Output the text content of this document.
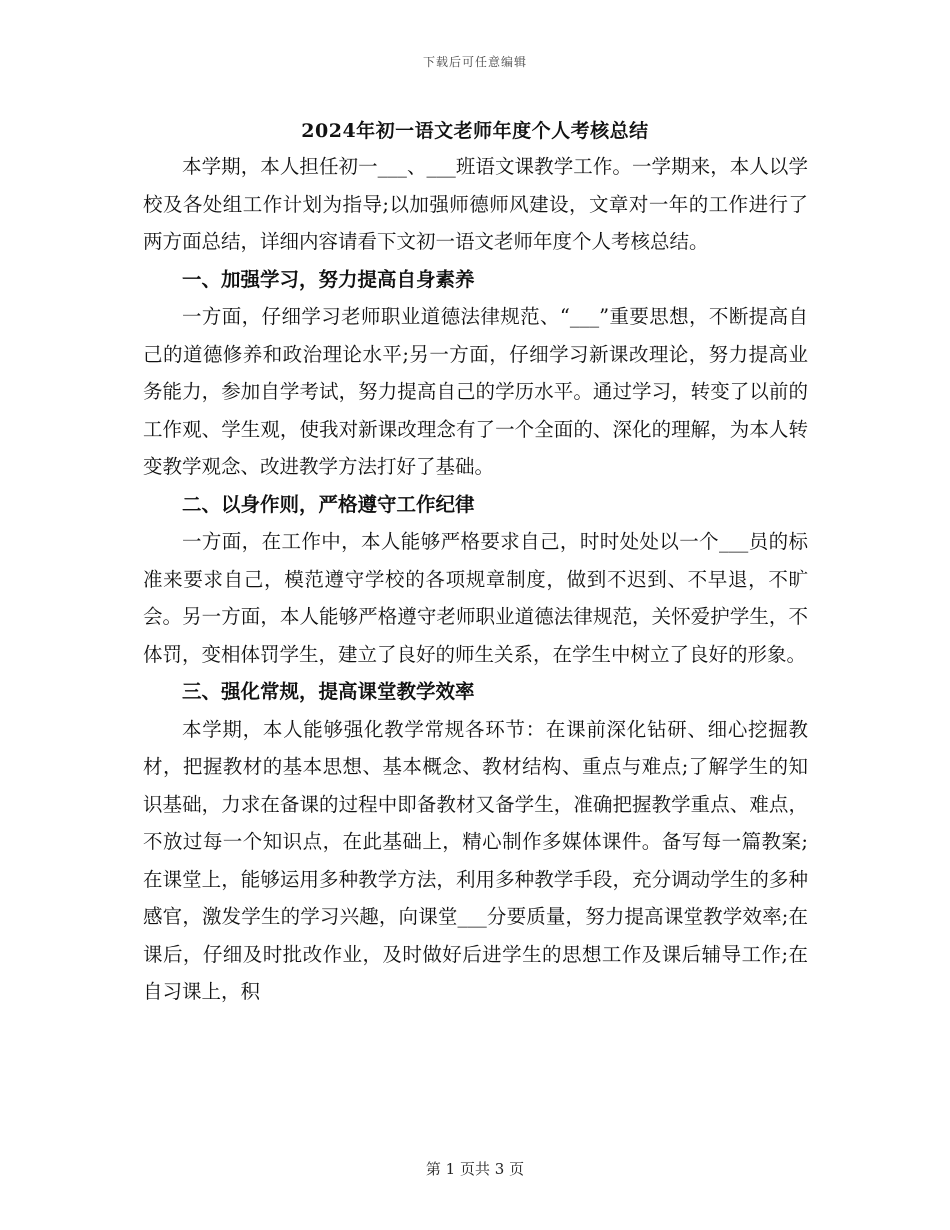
下载后可任意编辑
2024年初一语文老师年度个人考核总结

本学期，本人担任初一___、___班语文课教学工作。一学期来，本人以学校及各处组工作计划为指导;以加强师德师风建设，文章对一年的工作进行了两方面总结，详细内容请看下文初一语文老师年度个人考核总结。

一、加强学习，努力提高自身素养

一方面，仔细学习老师职业道德法律规范、“___”重要思想，不断提高自己的道德修养和政治理论水平;另一方面，仔细学习新课改理论，努力提高业务能力，参加自学考试，努力提高自己的学历水平。通过学习，转变了以前的工作观、学生观，使我对新课改理念有了一个全面的、深化的理解，为本人转变教学观念、改进教学方法打好了基础。

二、以身作则，严格遵守工作纪律

一方面，在工作中，本人能够严格要求自己，时时处处以一个___员的标准来要求自己，模范遵守学校的各项规章制度，做到不迟到、不早退，不旷会。另一方面，本人能够严格遵守老师职业道德法律规范，关怀爱护学生，不体罚，变相体罚学生，建立了良好的师生关系，在学生中树立了良好的形象。

三、强化常规，提高课堂教学效率

本学期，本人能够强化教学常规各环节：在课前深化钻研、细心挖掘教材，把握教材的基本思想、基本概念、教材结构、重点与难点;了解学生的知识基础，力求在备课的过程中即备教材又备学生，准确把握教学重点、难点，不放过每一个知识点，在此基础上，精心制作多媒体课件。备写每一篇教案;在课堂上，能够运用多种教学方法，利用多种教学手段，充分调动学生的多种感官，激发学生的学习兴趣，向课堂___分要质量，努力提高课堂教学效率;在课后，仔细及时批改作业，及时做好后进学生的思想工作及课后辅导工作;在自习课上，积

第 1 页共 3 页
